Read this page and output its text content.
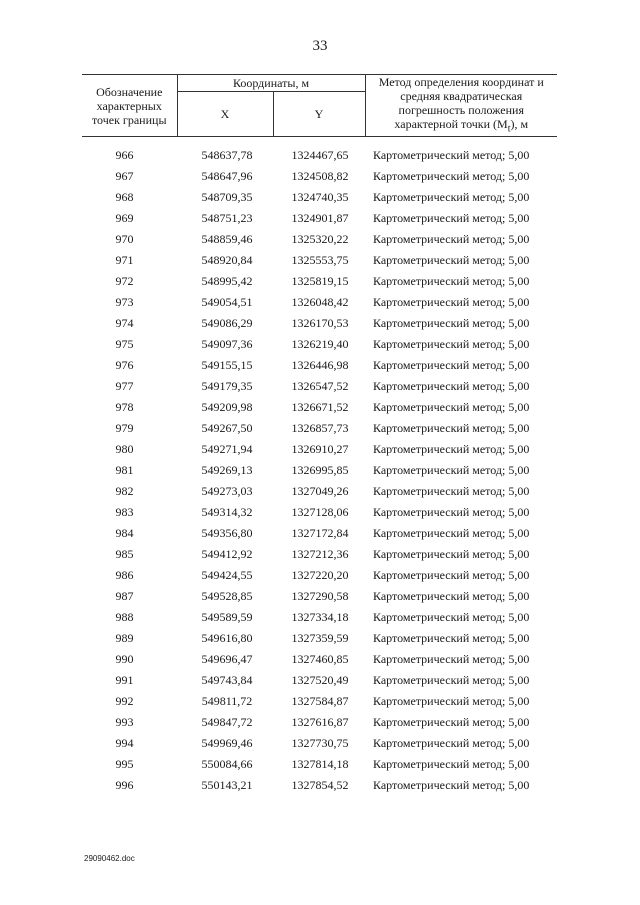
33
Обозначение характерных точек границы	Координаты, м		Метод определения координат и средняя квадратическая погрешность положения характерной точки $(M_t)$, м
	X	Y	

966	548637,78	1324467,65	Картометрический метод; 5,00
967	548647,96	1324508,82	Картометрический метод; 5,00
968	548709,35	1324740,35	Картометрический метод; 5,00
969	548751,23	1324901,87	Картометрический метод; 5,00
970	548859,46	1325320,22	Картометрический метод; 5,00
971	548920,84	1325553,75	Картометрический метод; 5,00
972	548995,42	1325819,15	Картометрический метод; 5,00
973	549054,51	1326048,42	Картометрический метод; 5,00
974	549086,29	1326170,53	Картометрический метод; 5,00
975	549097,36	1326219,40	Картометрический метод; 5,00
976	549155,15	1326446,98	Картометрический метод; 5,00
977	549179,35	1326547,52	Картометрический метод; 5,00
978	549209,98	1326671,52	Картометрический метод; 5,00
979	549267,50	1326857,73	Картометрический метод; 5,00
980	549271,94	1326910,27	Картометрический метод; 5,00
981	549269,13	1326995,85	Картометрический метод; 5,00
982	549273,03	1327049,26	Картометрический метод; 5,00
983	549314,32	1327128,06	Картометрический метод; 5,00
984	549356,80	1327172,84	Картометрический метод; 5,00
985	549412,92	1327212,36	Картометрический метод; 5,00
986	549424,55	1327220,20	Картометрический метод; 5,00
987	549528,85	1327290,58	Картометрический метод; 5,00
988	549589,59	1327334,18	Картометрический метод; 5,00
989	549616,80	1327359,59	Картометрический метод; 5,00
990	549696,47	1327460,85	Картометрический метод; 5,00
991	549743,84	1327520,49	Картометрический метод; 5,00
992	549811,72	1327584,87	Картометрический метод; 5,00
993	549847,72	1327616,87	Картометрический метод; 5,00
994	549969,46	1327730,75	Картометрический метод; 5,00
995	550084,66	1327814,18	Картометрический метод; 5,00
996	550143,21	1327854,52	Картометрический метод; 5,00
29090462.doc
